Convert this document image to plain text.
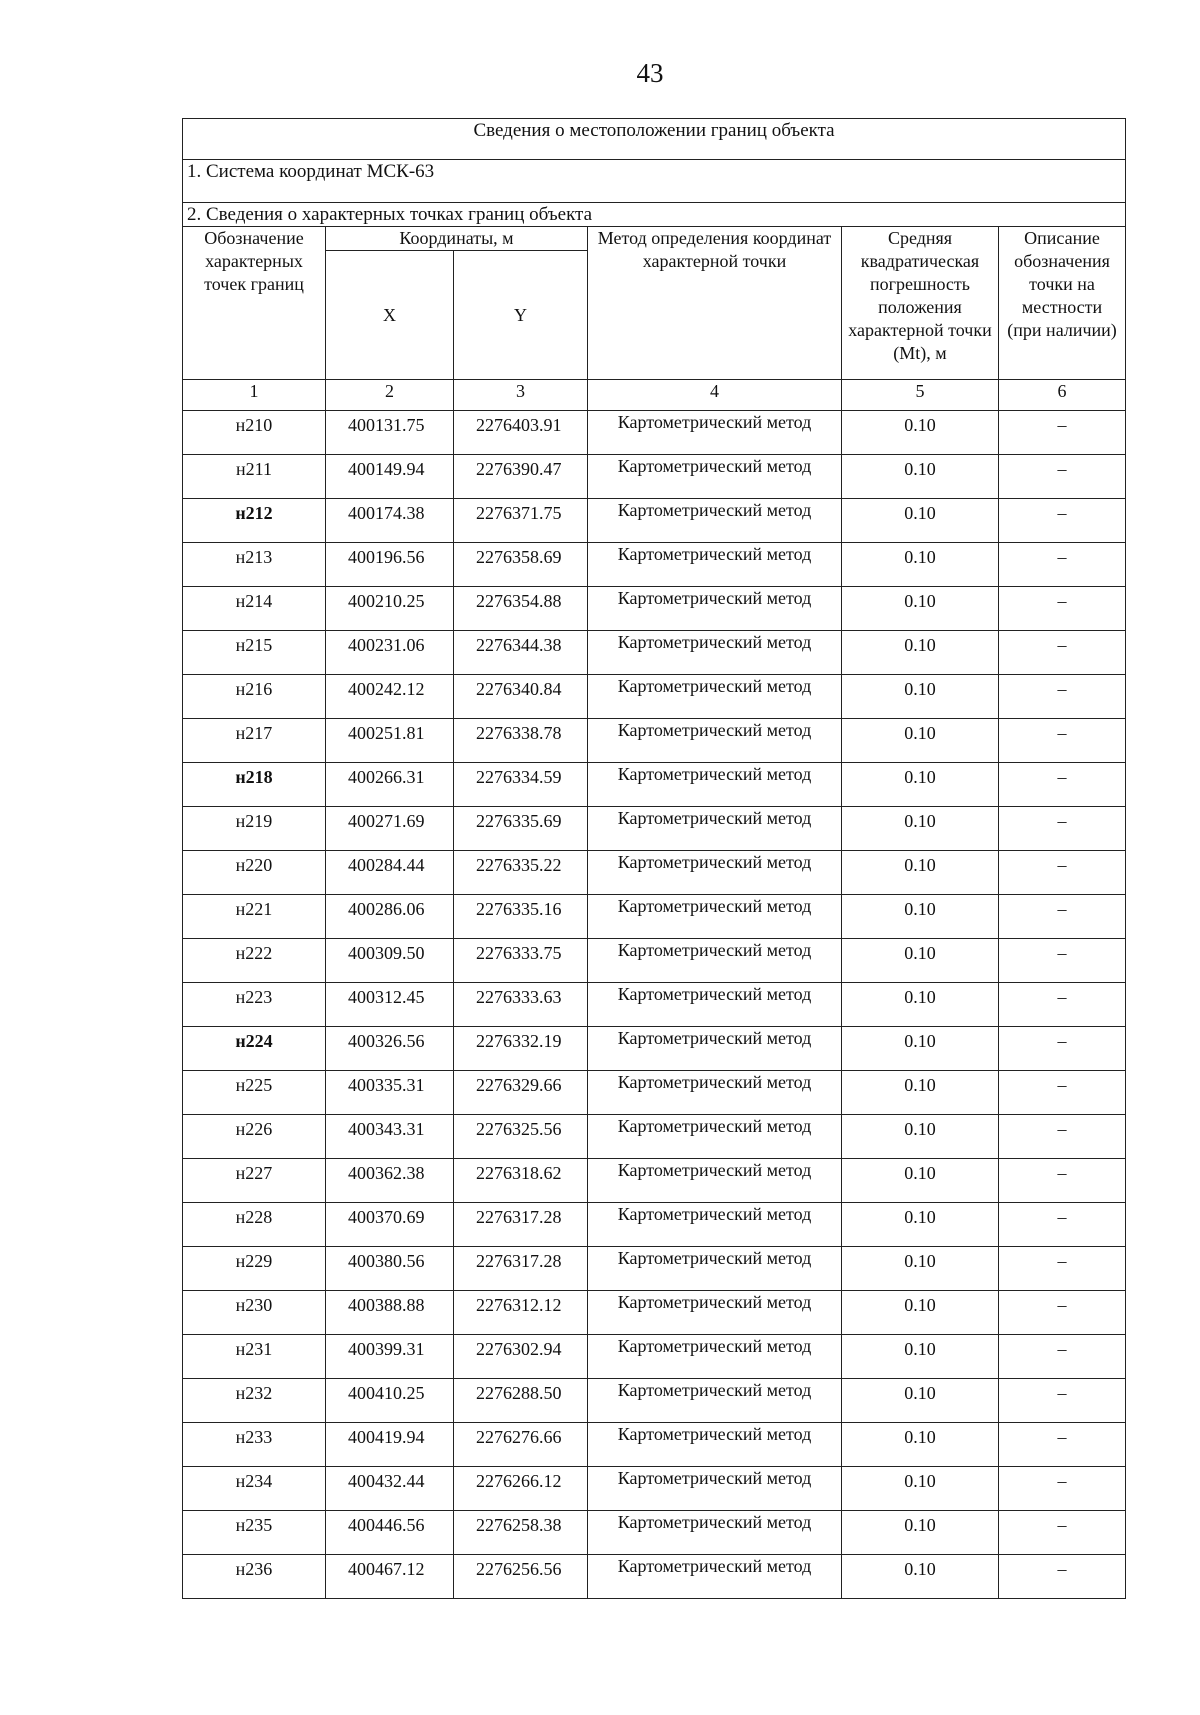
43
Сведения о местоположении границ объекта					
1. Система координат МСК-63					
2. Сведения о характерных точках границ объекта					
Обозначение характерных точек границ	Координаты, м		Метод определения координат характерной точки	Средняя квадратическая погрешность положения характерной точки (Mt), м	Описание обозначения точки на местности (при наличии)
	X	Y			
1	2	3	4	5	6
н210	400131.75	2276403.91	Картометрический метод	0.10	–
н211	400149.94	2276390.47	Картометрический метод	0.10	–
н212	400174.38	2276371.75	Картометрический метод	0.10	–
н213	400196.56	2276358.69	Картометрический метод	0.10	–
н214	400210.25	2276354.88	Картометрический метод	0.10	–
н215	400231.06	2276344.38	Картометрический метод	0.10	–
н216	400242.12	2276340.84	Картометрический метод	0.10	–
н217	400251.81	2276338.78	Картометрический метод	0.10	–
н218	400266.31	2276334.59	Картометрический метод	0.10	–
н219	400271.69	2276335.69	Картометрический метод	0.10	–
н220	400284.44	2276335.22	Картометрический метод	0.10	–
н221	400286.06	2276335.16	Картометрический метод	0.10	–
н222	400309.50	2276333.75	Картометрический метод	0.10	–
н223	400312.45	2276333.63	Картометрический метод	0.10	–
н224	400326.56	2276332.19	Картометрический метод	0.10	–
н225	400335.31	2276329.66	Картометрический метод	0.10	–
н226	400343.31	2276325.56	Картометрический метод	0.10	–
н227	400362.38	2276318.62	Картометрический метод	0.10	–
н228	400370.69	2276317.28	Картометрический метод	0.10	–
н229	400380.56	2276317.28	Картометрический метод	0.10	–
н230	400388.88	2276312.12	Картометрический метод	0.10	–
н231	400399.31	2276302.94	Картометрический метод	0.10	–
н232	400410.25	2276288.50	Картометрический метод	0.10	–
н233	400419.94	2276276.66	Картометрический метод	0.10	–
н234	400432.44	2276266.12	Картометрический метод	0.10	–
н235	400446.56	2276258.38	Картометрический метод	0.10	–
н236	400467.12	2276256.56	Картометрический метод	0.10	–
